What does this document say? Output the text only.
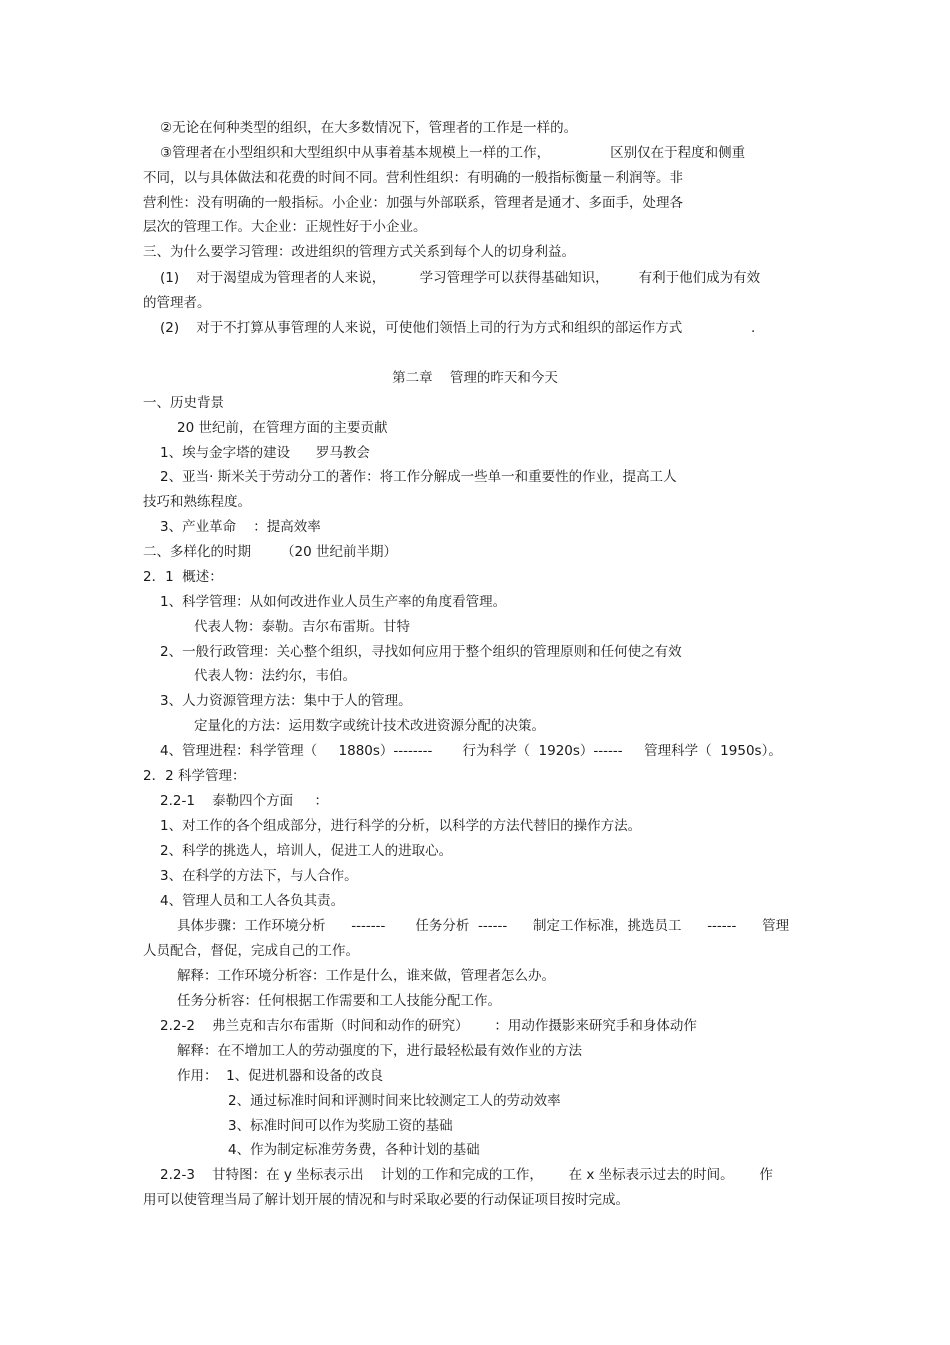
②无论在何种类型的组织，在大多数情况下，管理者的工作是一样的。
③管理者在小型组织和大型组织中从事着基本规模上一样的工作，              区别仅在于程度和侧重
不同，以与具体做法和花费的时间不同。营利性组织：有明确的一般指标衡量－利润等。非
营利性：没有明确的一般指标。小企业：加强与外部联系，管理者是通才、多面手，处理各
层次的管理工作。大企业：正规性好于小企业。
三、为什么要学习管理：改进组织的管理方式关系到每个人的切身利益。
(1)    对于渴望成为管理者的人来说，        学习管理学可以获得基础知识，       有利于他们成为有效
的管理者。
(2)    对于不打算从事管理的人来说，可使他们领悟上司的行为方式和组织的部运作方式                .
第二章    管理的昨天和今天
一、历史背景
20 世纪前，在管理方面的主要贡献
1、埃与金字塔的建设      罗马教会
2、亚当· 斯米关于劳动分工的著作：将工作分解成一些单一和重要性的作业，提高工人
技巧和熟练程度。
3、产业革命    ：提高效率
二、多样化的时期       （20 世纪前半期）
2．1  概述：
1、科学管理：从如何改进作业人员生产率的角度看管理。
代表人物：泰勒。吉尔布雷斯。甘特
2、一般行政管理：关心整个组织，寻找如何应用于整个组织的管理原则和任何使之有效
代表人物：法约尔，韦伯。
3、人力资源管理方法：集中于人的管理。
定量化的方法：运用数字或统计技术改进资源分配的决策。
4、管理进程：科学管理（     1880s）--------       行为科学（  1920s）------     管理科学（  1950s）。
2．2 科学管理：
2.2-1    泰勒四个方面     ：
1、对工作的各个组成部分，进行科学的分析，以科学的方法代替旧的操作方法。
2、科学的挑选人，培训人，促进工人的进取心。
3、在科学的方法下，与人合作。
4、管理人员和工人各负其责。
具体步骤：工作环境分析      -------       任务分析  ------      制定工作标准，挑选员工      ------      管理
人员配合，督促，完成自己的工作。
解释：工作环境分析容：工作是什么，谁来做，管理者怎么办。
任务分析容：任何根据工作需要和工人技能分配工作。
2.2-2    弗兰克和吉尔布雷斯（时间和动作的研究）      ：用动作摄影来研究手和身体动作
解释：在不增加工人的劳动强度的下，进行最轻松最有效作业的方法
作用：  1、促进机器和设备的改良
2、通过标准时间和评测时间来比较测定工人的劳动效率
3、标准时间可以作为奖励工资的基础
4、作为制定标准劳务费，各种计划的基础
2.2-3    甘特图：在 y 坐标表示出    计划的工作和完成的工作，      在 x 坐标表示过去的时间。      作
用可以使管理当局了解计划开展的情况和与时采取必要的行动保证项目按时完成。
